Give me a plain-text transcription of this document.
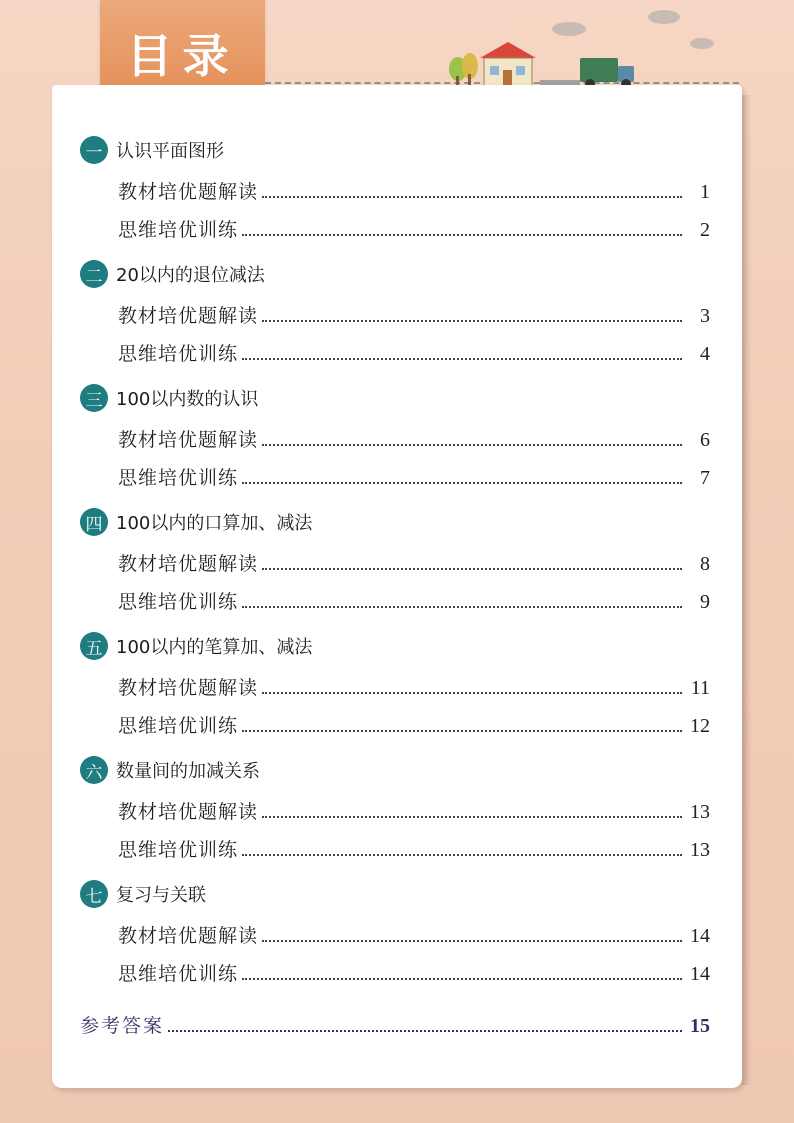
目录
一 认识平面图形
教材培优题解读	1
思维培优训练	2
二 20以内的退位减法
教材培优题解读	3
思维培优训练	4
三 100以内数的认识
教材培优题解读	6
思维培优训练	7
四 100以内的口算加、减法
教材培优题解读	8
思维培优训练	9
五 100以内的笔算加、减法
教材培优题解读	11
思维培优训练	12
六 数量间的加减关系
教材培优题解读	13
思维培优训练	13
七 复习与关联
教材培优题解读	14
思维培优训练	14
参考答案	15
